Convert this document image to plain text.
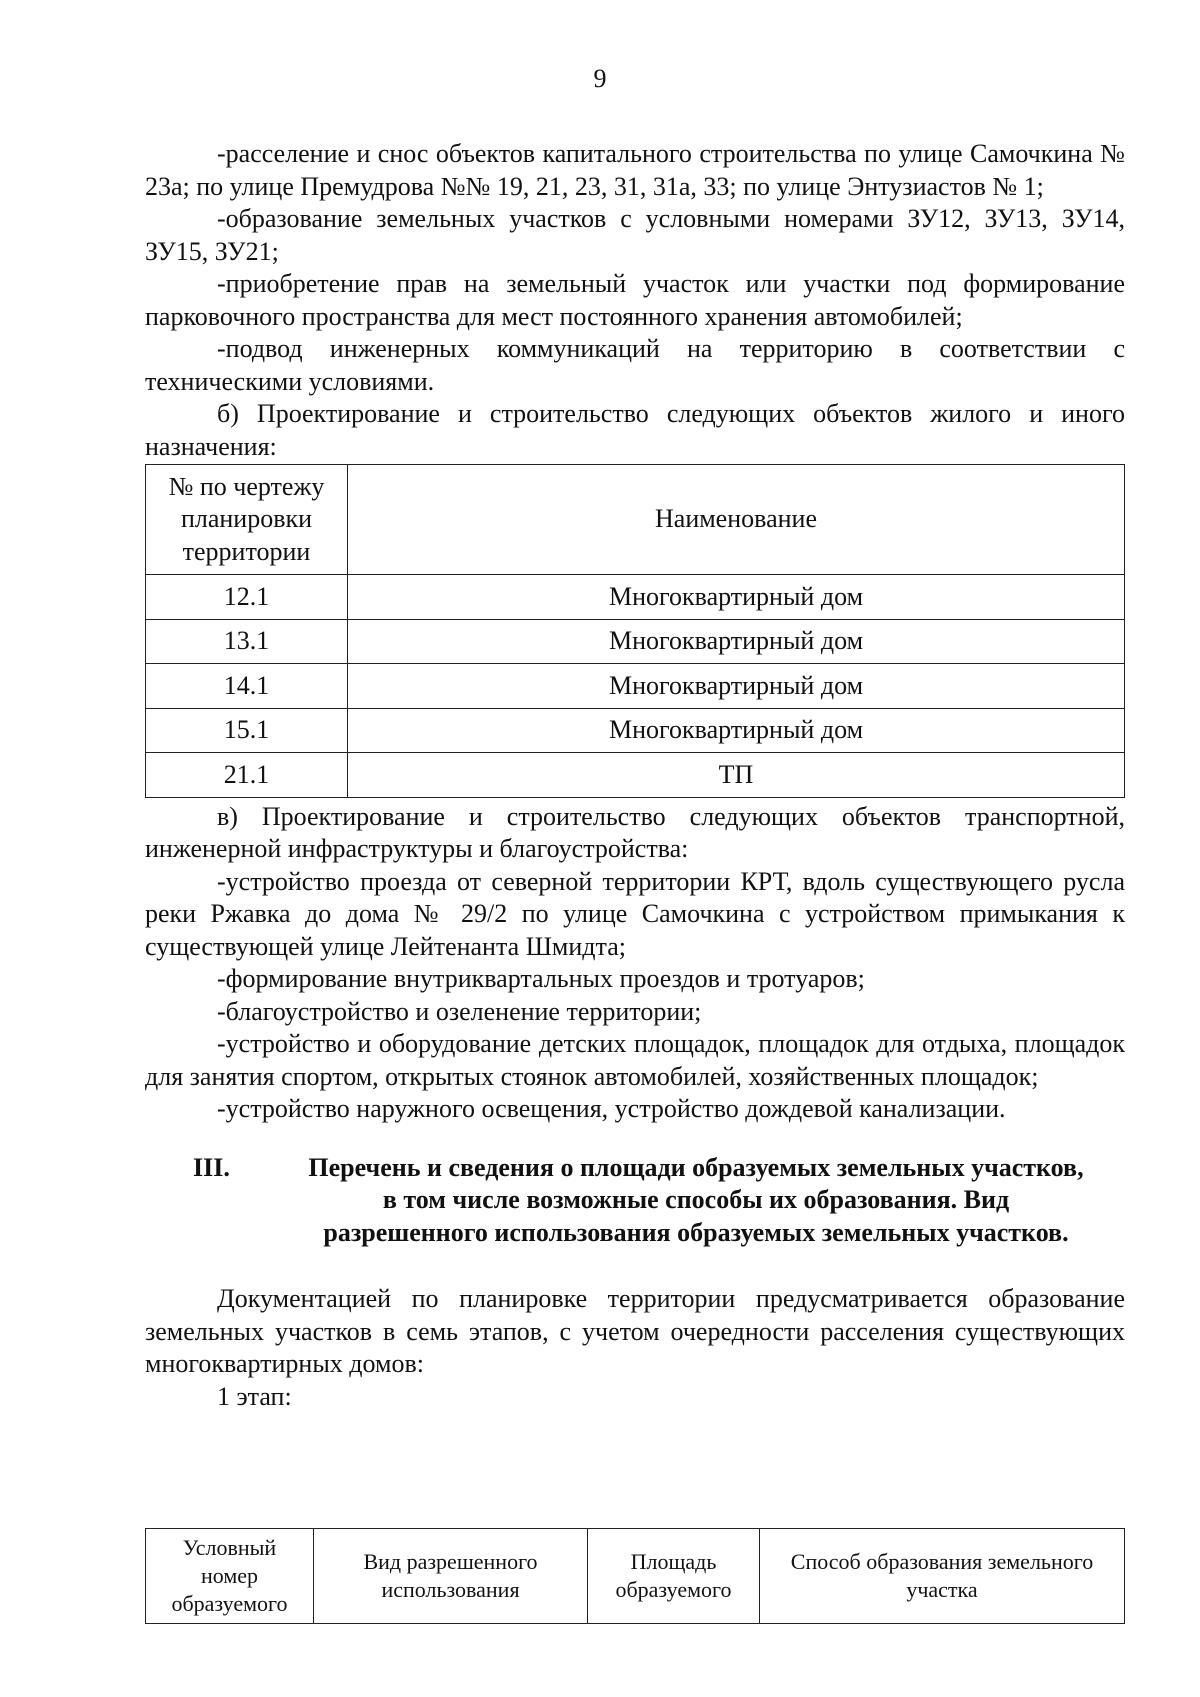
9

-расселение и снос объектов капитального строительства по улице Самочкина № 23а; по улице Премудрова №№ 19, 21, 23, 31, 31а, 33; по улице Энтузиастов № 1;

-образование земельных участков с условными номерами ЗУ12, ЗУ13, ЗУ14, ЗУ15, ЗУ21;

-приобретение прав на земельный участок или участки под формирование парковочного пространства для мест постоянного хранения автомобилей;

-подвод инженерных коммуникаций на территорию в соответствии с техническими условиями.

б) Проектирование и строительство следующих объектов жилого и иного назначения:

№ по чертежу планировки территории	Наименование
12.1	Многоквартирный дом
13.1	Многоквартирный дом
14.1	Многоквартирный дом
15.1	Многоквартирный дом
21.1	ТП

в) Проектирование и строительство следующих объектов транспортной, инженерной инфраструктуры и благоустройства:

-устройство проезда от северной территории КРТ, вдоль существующего русла реки Ржавка до дома № 29/2 по улице Самочкина с устройством примыкания к существующей улице Лейтенанта Шмидта;

-формирование внутриквартальных проездов и тротуаров;

-благоустройство и озеленение территории;

-устройство и оборудование детских площадок, площадок для отдыха, площадок для занятия спортом, открытых стоянок автомобилей, хозяйственных площадок;

-устройство наружного освещения, устройство дождевой канализации.

III.	Перечень и сведения о площади образуемых земельных участков,
в том числе возможные способы их образования. Вид
разрешенного использования образуемых земельных участков.

Документацией по планировке территории предусматривается образование земельных участков в семь этапов, с учетом очередности расселения существующих многоквартирных домов:

1 этап:

Условный номер образуемого	Вид разрешенного использования	Площадь образуемого	Способ образования земельного участка
